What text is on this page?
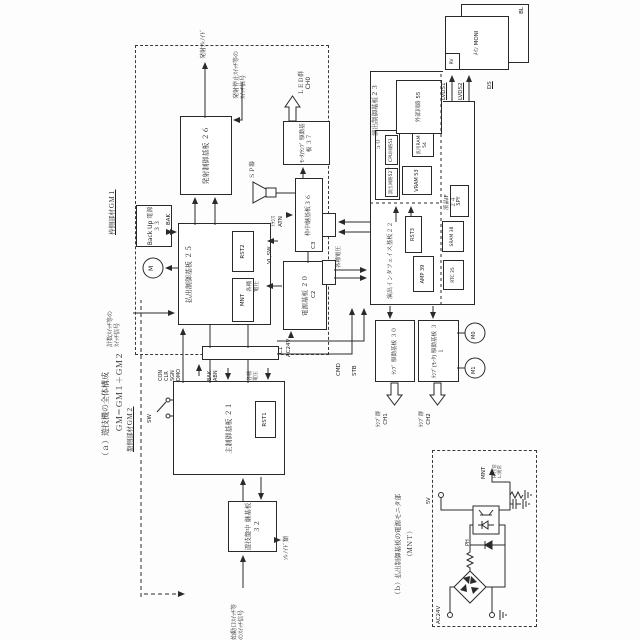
（ａ）遊技機の全体構成 ＧＭ＝ＧＭ１＋ＧＭ２
枠側部材ＧＭ１
盤側部材ＧＭ２
（ｂ）払出制御基板の電源モニタ部 （ＭＮＴ）
主制御基板 ２１	RST1
SW
遊技盤中 継基板 ３２
始動口ｽｲｯﾁ等
のｽｲｯﾁ信号
ｿﾚﾉｲﾄﾞ類
払出制御基板 ２５	MNT
RST2
Back Up 電源３３
BAK
発射制御基板 ２６
電源基板 ２０
枠中継基板３６
ﾓｰﾀ/ﾗﾝﾌﾟ 駆動基板 ３７
計数ｽｲｯﾁ等の
ｽｲｯﾁ信号
発射ｿﾚﾉｲﾄﾞ
発射停止ｽｲｯﾁ等の
ｽｲｯﾁ信号	ＬＥＤ群
CH0
ＳＰ器
ﾄﾗﾝｽ
ATN
VL,SW
各種
電圧
AC24V
各種電圧
C1
C2
C3
CON
CLR
SGN
DMO	BAK
ABN	各種
電圧	CMD STB
演出インタフェイス基板２２
演出制御基板２３
液晶IF
２４
５０
演出回路52
＋
CPU回路51
VRAM 53
汎用RAM 54
外部回路 55
RST3
AMP 39
SPY
SRAM 38
RTC 35
ﾗﾝﾌﾟ 駆動基板 ３０	ﾗﾝﾌﾟ(ﾓｰﾀ) 駆動基板 ３１
ﾗﾝﾌﾟ群
CH1	ﾗﾝﾌﾟ群
CH2
M0
M1
M
BL
ﾒｲﾝ MONI
RV
LVDS1 LVDS2	DS
AC24V
PH
5V
MNT H:正常
L:異常
